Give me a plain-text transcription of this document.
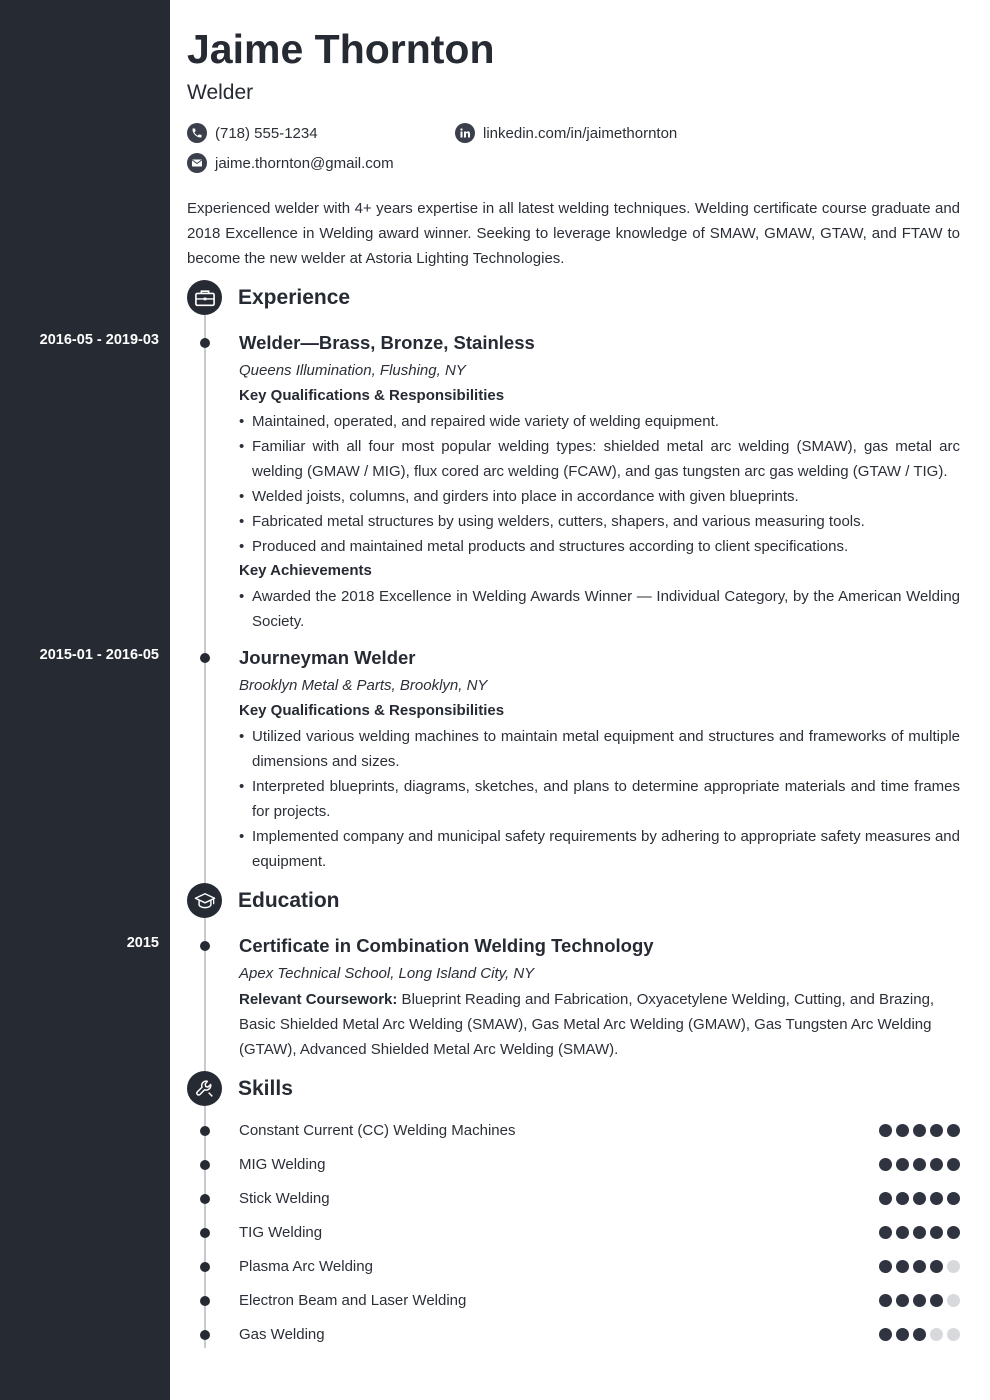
Jaime Thornton
Welder
(718) 555-1234	linkedin.com/in/jaimethornton
jaime.thornton@gmail.com

Experienced welder with 4+ years expertise in all latest welding techniques. Welding certificate course graduate and 2018 Excellence in Welding award winner. Seeking to leverage knowledge of SMAW, GMAW, GTAW, and FTAW to become the new welder at Astoria Lighting Technologies.

Experience
2016-05 - 2019-03	Welder—Brass, Bronze, Stainless
Queens Illumination, Flushing, NY
Key Qualifications & Responsibilities
• Maintained, operated, and repaired wide variety of welding equipment.
• Familiar with all four most popular welding types: shielded metal arc welding (SMAW), gas metal arc welding (GMAW / MIG), flux cored arc welding (FCAW), and gas tungsten arc gas welding (GTAW / TIG).
• Welded joists, columns, and girders into place in accordance with given blueprints.
• Fabricated metal structures by using welders, cutters, shapers, and various measuring tools.
• Produced and maintained metal products and structures according to client specifications.
Key Achievements
• Awarded the 2018 Excellence in Welding Awards Winner — Individual Category, by the American Welding Society.
2015-01 - 2016-05	Journeyman Welder
Brooklyn Metal & Parts, Brooklyn, NY
Key Qualifications & Responsibilities
• Utilized various welding machines to maintain metal equipment and structures and frameworks of multiple dimensions and sizes.
• Interpreted blueprints, diagrams, sketches, and plans to determine appropriate materials and time frames for projects.
• Implemented company and municipal safety requirements by adhering to appropriate safety measures and equipment.
Education
2015	Certificate in Combination Welding Technology
Apex Technical School, Long Island City, NY

Relevant Coursework: Blueprint Reading and Fabrication, Oxyacetylene Welding, Cutting, and Brazing, Basic Shielded Metal Arc Welding (SMAW), Gas Metal Arc Welding (GMAW), Gas Tungsten Arc Welding (GTAW), Advanced Shielded Metal Arc Welding (SMAW).

Skills
Constant Current (CC) Welding Machines
MIG Welding
Stick Welding
TIG Welding
Plasma Arc Welding
Electron Beam and Laser Welding
Gas Welding
